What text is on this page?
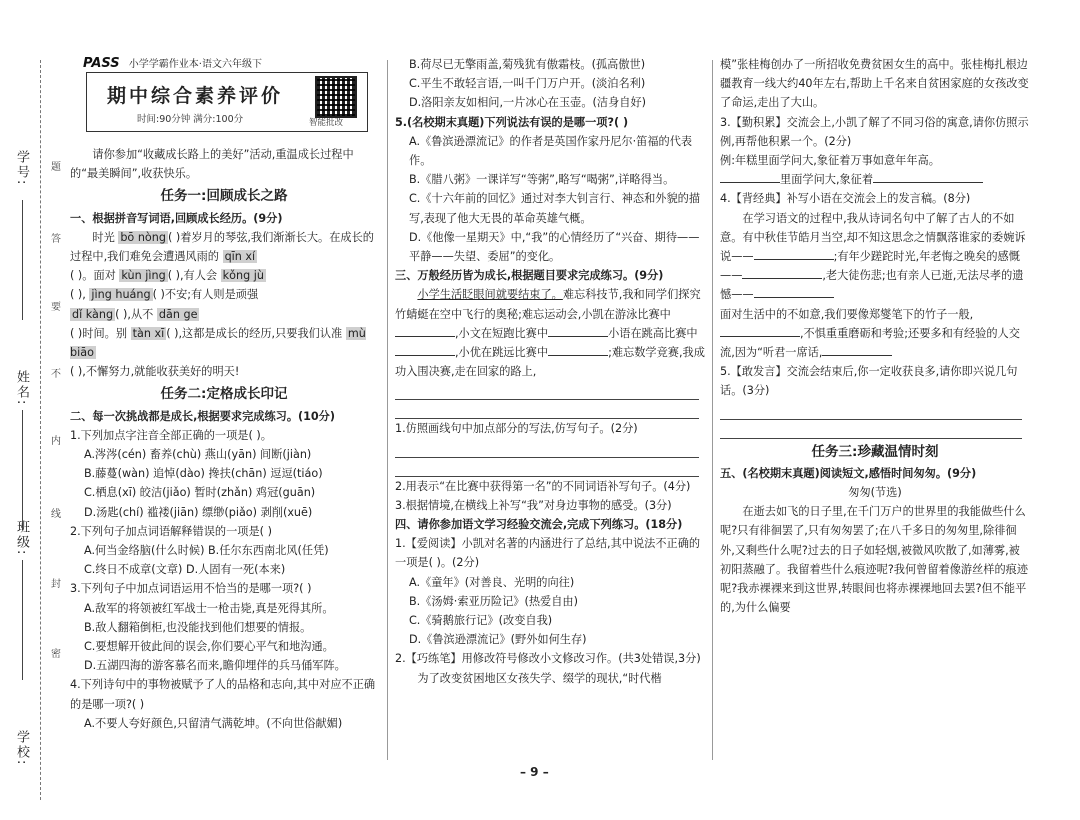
学号:
姓名:
班级:
学校:
题
答
要
不
内
线
封
密
PASS 小学学霸作业本·语文六年级下
期中综合素养评价
时间:90分钟 满分:100分	智能批改

请你参加“收藏成长路上的美好”活动,重温成长过程中的“最美瞬间”,收获快乐。

任务一:回顾成长之路

一、根据拼音写词语,回顾成长经历。(9分)

时光 bō nòng ( )着岁月的琴弦,我们渐渐长大。在成长的过程中,我们难免会遭遇风雨的 qīn xí

( )。面对 kùn jìng ( ),有人会 kǒng jù

( ), jìng huáng ( )不安;有人则是顽强

dǐ kàng ( ),从不 dān ge

( )时间。别 tàn xī ( ),这都是成长的经历,只要我们认准 mù biāo

( ),不懈努力,就能收获美好的明天!

任务二:定格成长印记

二、每一次挑战都是成长,根据要求完成练习。(10分)

1.下列加点字注音全部正确的一项是( )。

A.涔涔(cén) 畜养(chù) 燕山(yān) 间断(jiàn)

B.藤蔓(wàn) 追悼(dào) 搀扶(chān) 逗逗(tiáo)

C.栖息(xī) 皎洁(jiǎo) 暂时(zhǎn) 鸡冠(guān)

D.汤匙(chí) 褴褛(jiān) 缥缈(piǎo) 剥削(xuē)

2.下列句子加点词语解释错误的一项是( )

A.何当金络脑(什么时候) B.任尔东西南北风(任凭)

C.终日不成章(文章) D.人固有一死(本来)

3.下列句子中加点词语运用不恰当的是哪一项?( )

A.敌军的将领被红军战士一枪击毙,真是死得其所。

B.敌人翻箱倒柜,也没能找到他们想要的情报。

C.要想解开彼此间的误会,你们要心平气和地沟通。

D.五湖四海的游客慕名而来,瞻仰埋伴的兵马俑军阵。

4.下列诗句中的事物被赋予了人的品格和志向,其中对应不正确的是哪一项?( )

A.不要人夸好颜色,只留清气满乾坤。(不向世俗献媚)

B.荷尽已无擎雨盖,菊残犹有傲霜枝。(孤高傲世)

C.平生不敢轻言语,一叫千门万户开。(淡泊名利)

D.洛阳亲友如相问,一片冰心在玉壶。(洁身自好)

5.(名校期末真题)下列说法有误的是哪一项?( )

A.《鲁滨逊漂流记》的作者是英国作家丹尼尔·笛福的代表作。

B.《腊八粥》一课详写“等粥”,略写“喝粥”,详略得当。

C.《十六年前的回忆》通过对李大钊言行、神态和外貌的描写,表现了他大无畏的革命英雄气概。

D.《他像一星期天》中,“我”的心情经历了“兴奋、期待——平静——失望、委屈”的变化。

三、万般经历皆为成长,根据题目要求完成练习。(9分)

小学生活眨眼间就要结束了。难忘科技节,我和同学们探究竹蜻蜓在空中飞行的奥秘;难忘运动会,小凯在游泳比赛中,小文在短跑比赛中	小语在跳高比赛中,小优在跳远比赛中	;难忘数学竞赛,我成功入围决赛,走在回家的路上,

1.仿照画线句中加点部分的写法,仿写句子。(2分)

2.用表示“在比赛中获得第一名”的不同词语补写句子。(4分)

3.根据情境,在横线上补写“我”对身边事物的感受。(3分)

四、请你参加语文学习经验交流会,完成下列练习。(18分)

1.【爱阅读】小凯对名著的内涵进行了总结,其中说法不正确的一项是( )。(2分)

A.《童年》(对善良、光明的向往)

B.《汤姆·索亚历险记》(热爱自由)

C.《骑鹅旅行记》(改变自我)

D.《鲁滨逊漂流记》(野外如何生存)

2.【巧练笔】用修改符号修改小文修改习作。(共3处错误,3分)

为了改变贫困地区女孩失学、缀学的现状,“时代楷

模”张桂梅创办了一所招收免费贫困女生的高中。张桂梅扎根边疆教育一线大约40年左右,帮助上千名来自贫困家庭的女孩改变了命运,走出了大山。

3.【勤积累】交流会上,小凯了解了不同习俗的寓意,请你仿照示例,再帮他积累一个。(2分)

例:年糕里面学问大,象征着万事如意年年高。

里面学问大,象征着

4.【背经典】补写小语在交流会上的发言稿。(8分)

在学习语文的过程中,我从诗词名句中了解了古人的不如意。有中秋佳节皓月当空,却不知这思念之情飘落谁家的委婉诉说——	;有年少蹉跎时光,年老悔之晚矣的感慨——	,老大徒伤悲;也有亲人已逝,无法尽孝的遗憾——

面对生活中的不如意,我们要像郑燮笔下的竹子一般,,不惧重重磨砺和考验;还要多和有经验的人交流,因为“听君一席话,

5.【敢发言】交流会结束后,你一定收获良多,请你即兴说几句话。(3分)

任务三:珍藏温情时刻

五、(名校期末真题)阅读短文,感悟时间匆匆。(9分)

匆匆(节选)

在逝去如飞的日子里,在千门万户的世界里的我能做些什么呢?只有徘徊罢了,只有匆匆罢了;在八千多日的匆匆里,除徘徊外,又剩些什么呢?过去的日子如轻烟,被微风吹散了,如薄雾,被初阳蒸融了。我留着些什么痕迹呢?我何曾留着像游丝样的痕迹呢?我赤裸裸来到这世界,转眼间也将赤裸裸地回去罢?但不能平的,为什么偏要

– 9 –
